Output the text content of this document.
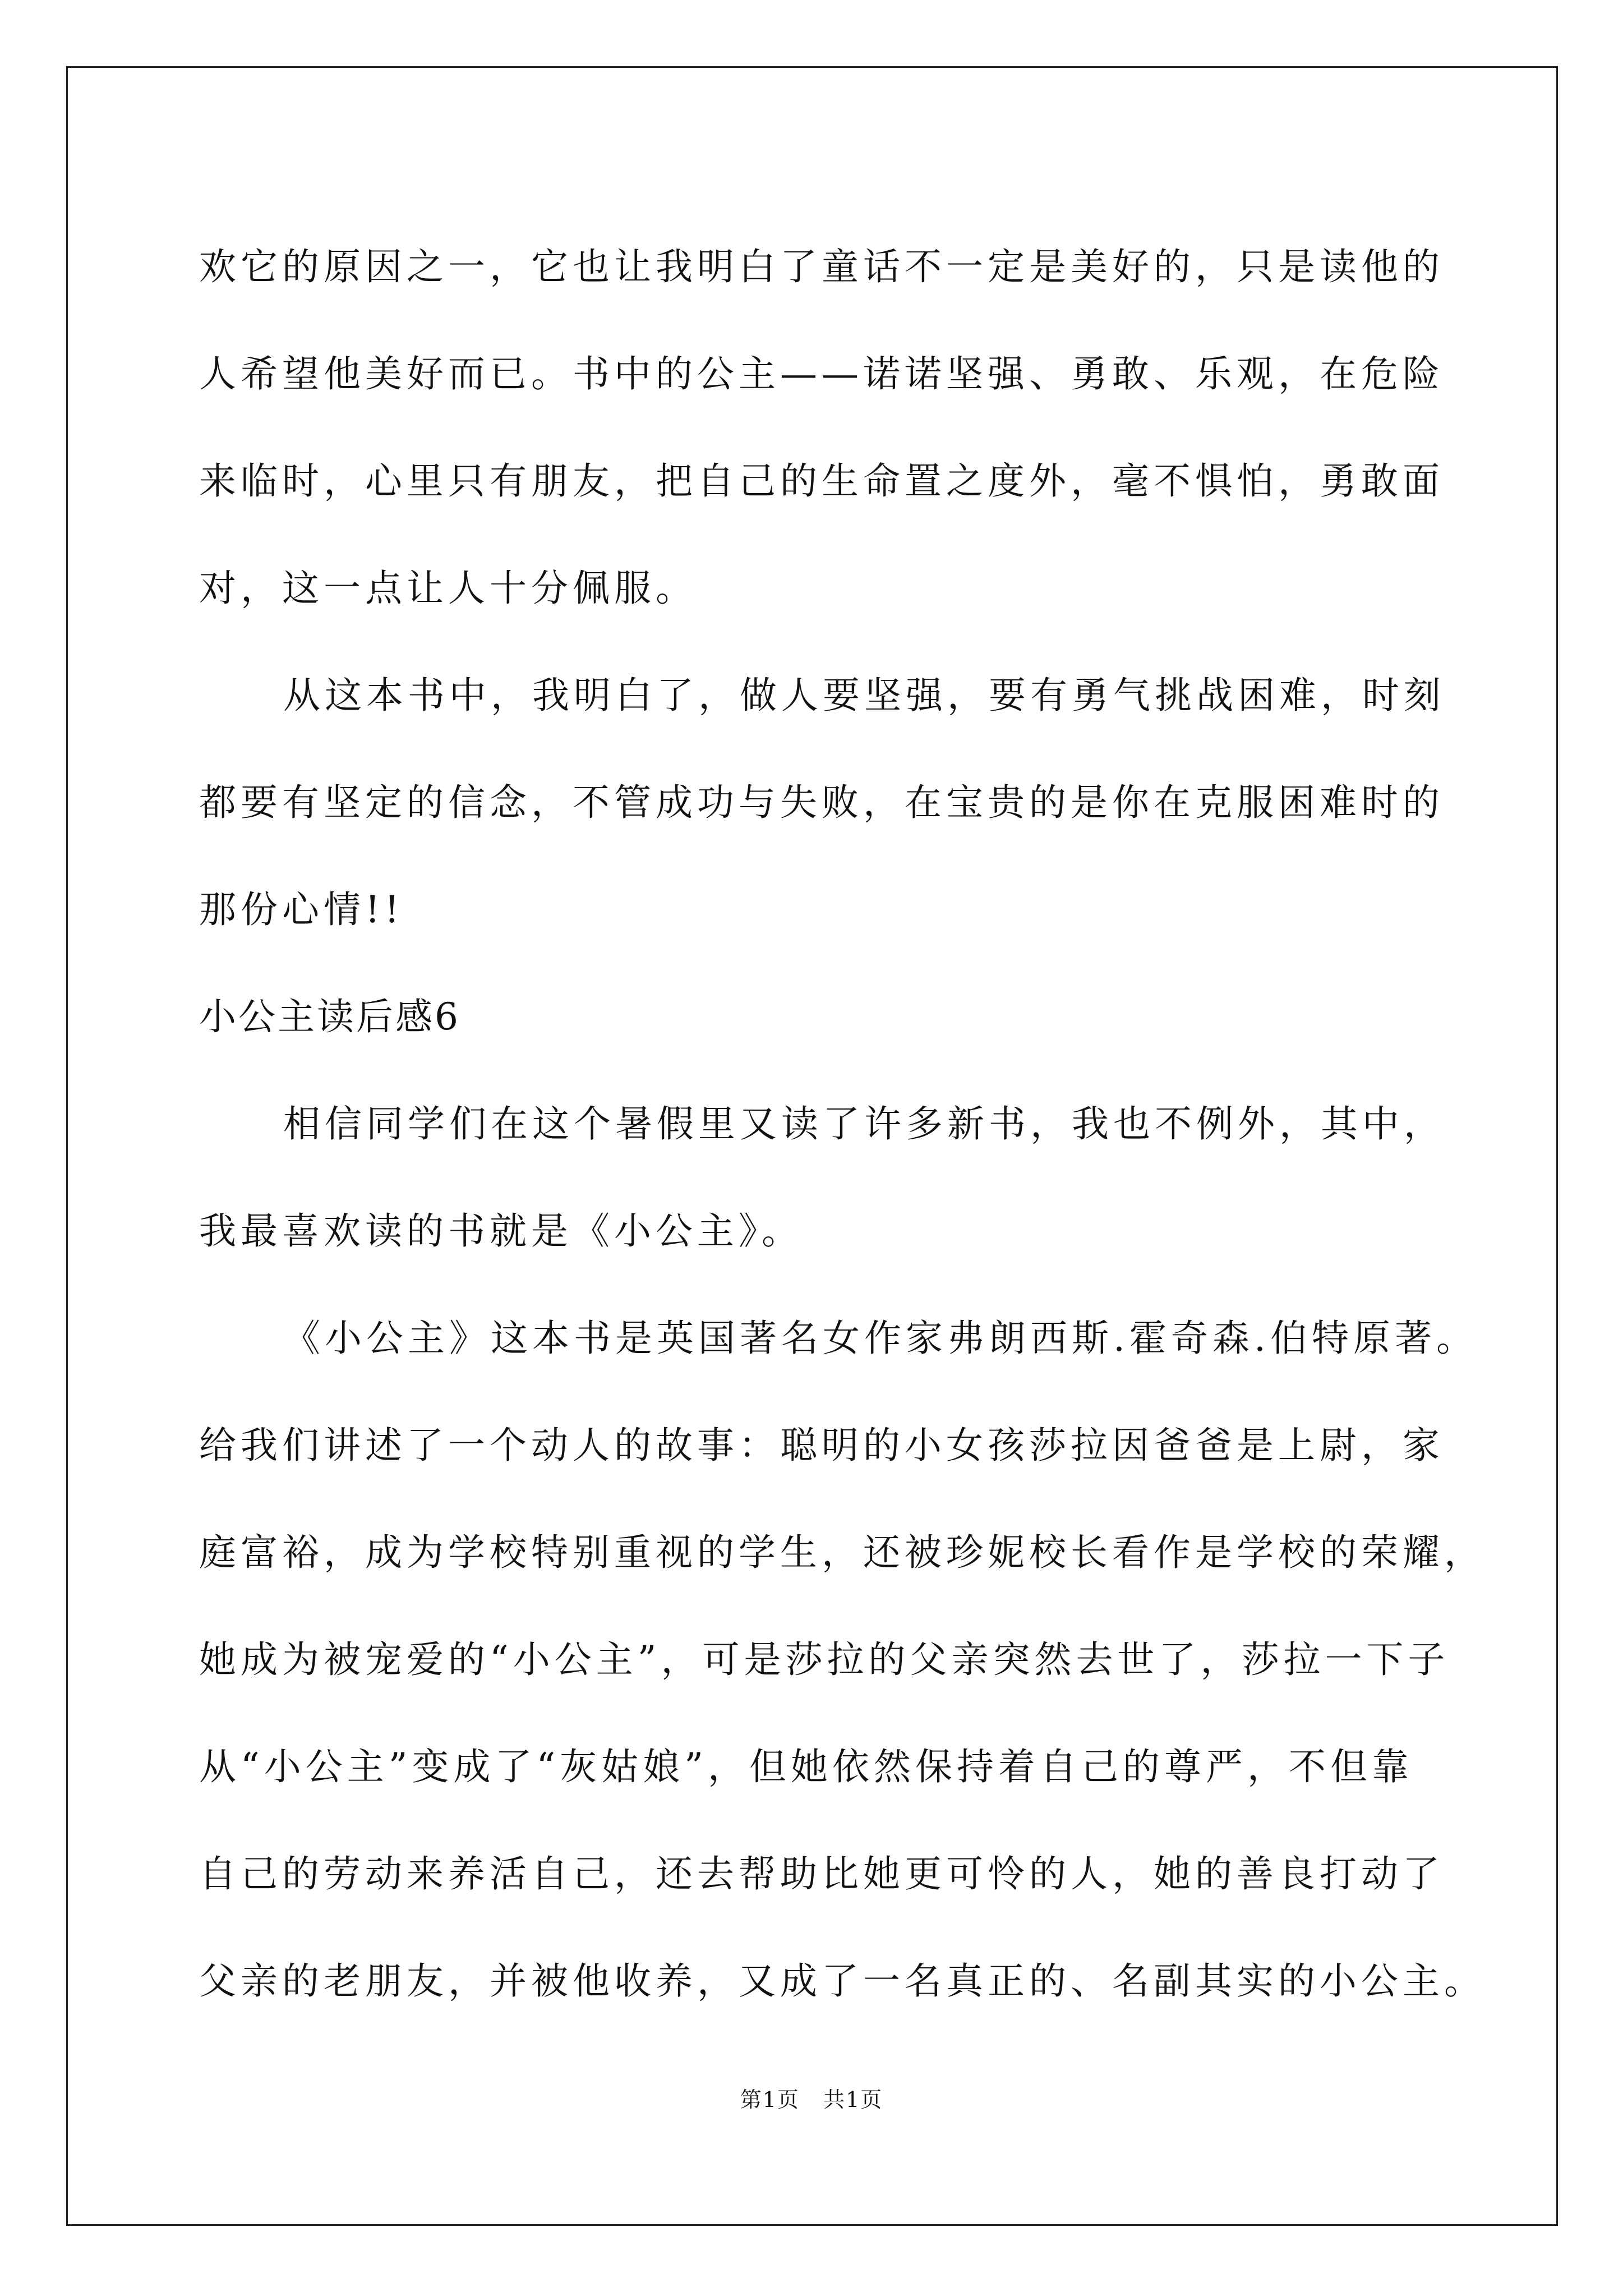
欢它的原因之一，它也让我明白了童话不一定是美好的，只是读他的
人希望他美好而已。书中的公主——诺诺坚强、勇敢、乐观，在危险
来临时，心里只有朋友，把自己的生命置之度外，毫不惧怕，勇敢面
对，这一点让人十分佩服。
从这本书中，我明白了，做人要坚强，要有勇气挑战困难，时刻
都要有坚定的信念，不管成功与失败，在宝贵的是你在克服困难时的
那份心情!!
小公主读后感6
相信同学们在这个暑假里又读了许多新书，我也不例外，其中，
我最喜欢读的书就是《小公主》。
《小公主》这本书是英国著名女作家弗朗西斯.霍奇森.伯特原著。
给我们讲述了一个动人的故事：聪明的小女孩莎拉因爸爸是上尉，家
庭富裕，成为学校特别重视的学生，还被珍妮校长看作是学校的荣耀，
她成为被宠爱的“小公主”，可是莎拉的父亲突然去世了，莎拉一下子
从“小公主”变成了“灰姑娘”，但她依然保持着自己的尊严，不但靠
自己的劳动来养活自己，还去帮助比她更可怜的人，她的善良打动了
父亲的老朋友，并被他收养，又成了一名真正的、名副其实的小公主。
第1页   共1页
